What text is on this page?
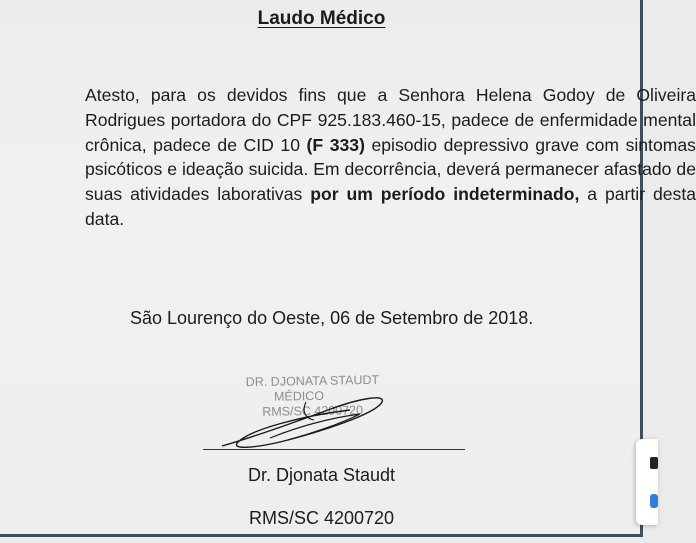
Laudo Médico
Atesto, para os devidos fins que a Senhora Helena Godoy de Oliveira Rodrigues portadora do CPF 925.183.460-15, padece de enfermidade mental crônica, padece de CID 10 (F 333) episodio depressivo grave com sintomas psicóticos e ideação suicida. Em decorrência, deverá permanecer afastado de suas atividades laborativas por um período indeterminado, a partir desta data.
São Lourenço do Oeste, 06 de Setembro de 2018.
DR. DJONATA STAUDT
MÉDICO
RMS/SC 4200720
Dr. Djonata Staudt
RMS/SC 4200720
